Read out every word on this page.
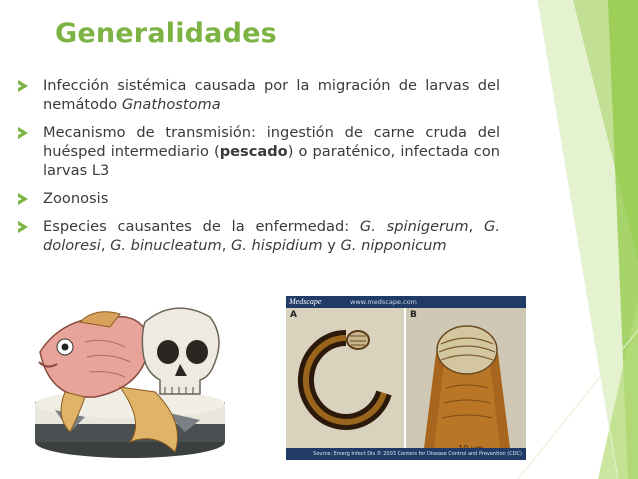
Generalidades
Infección sistémica causada por la migración de larvas del nemátodo Gnathostoma
Mecanismo de transmisión: ingestión de carne cruda del huésped intermediario (pescado) o paraténico, infectada con larvas L3
Zoonosis
Especies causantes de la enfermedad: G. spinigerum, G. doloresi, G. binucleatum, G. hispidium y G. nipponicum
Medscape	www.medscape.com
A	B
Source: Emerg Infect Dis © 2003 Centers for Disease Control and Prevention (CDC)
